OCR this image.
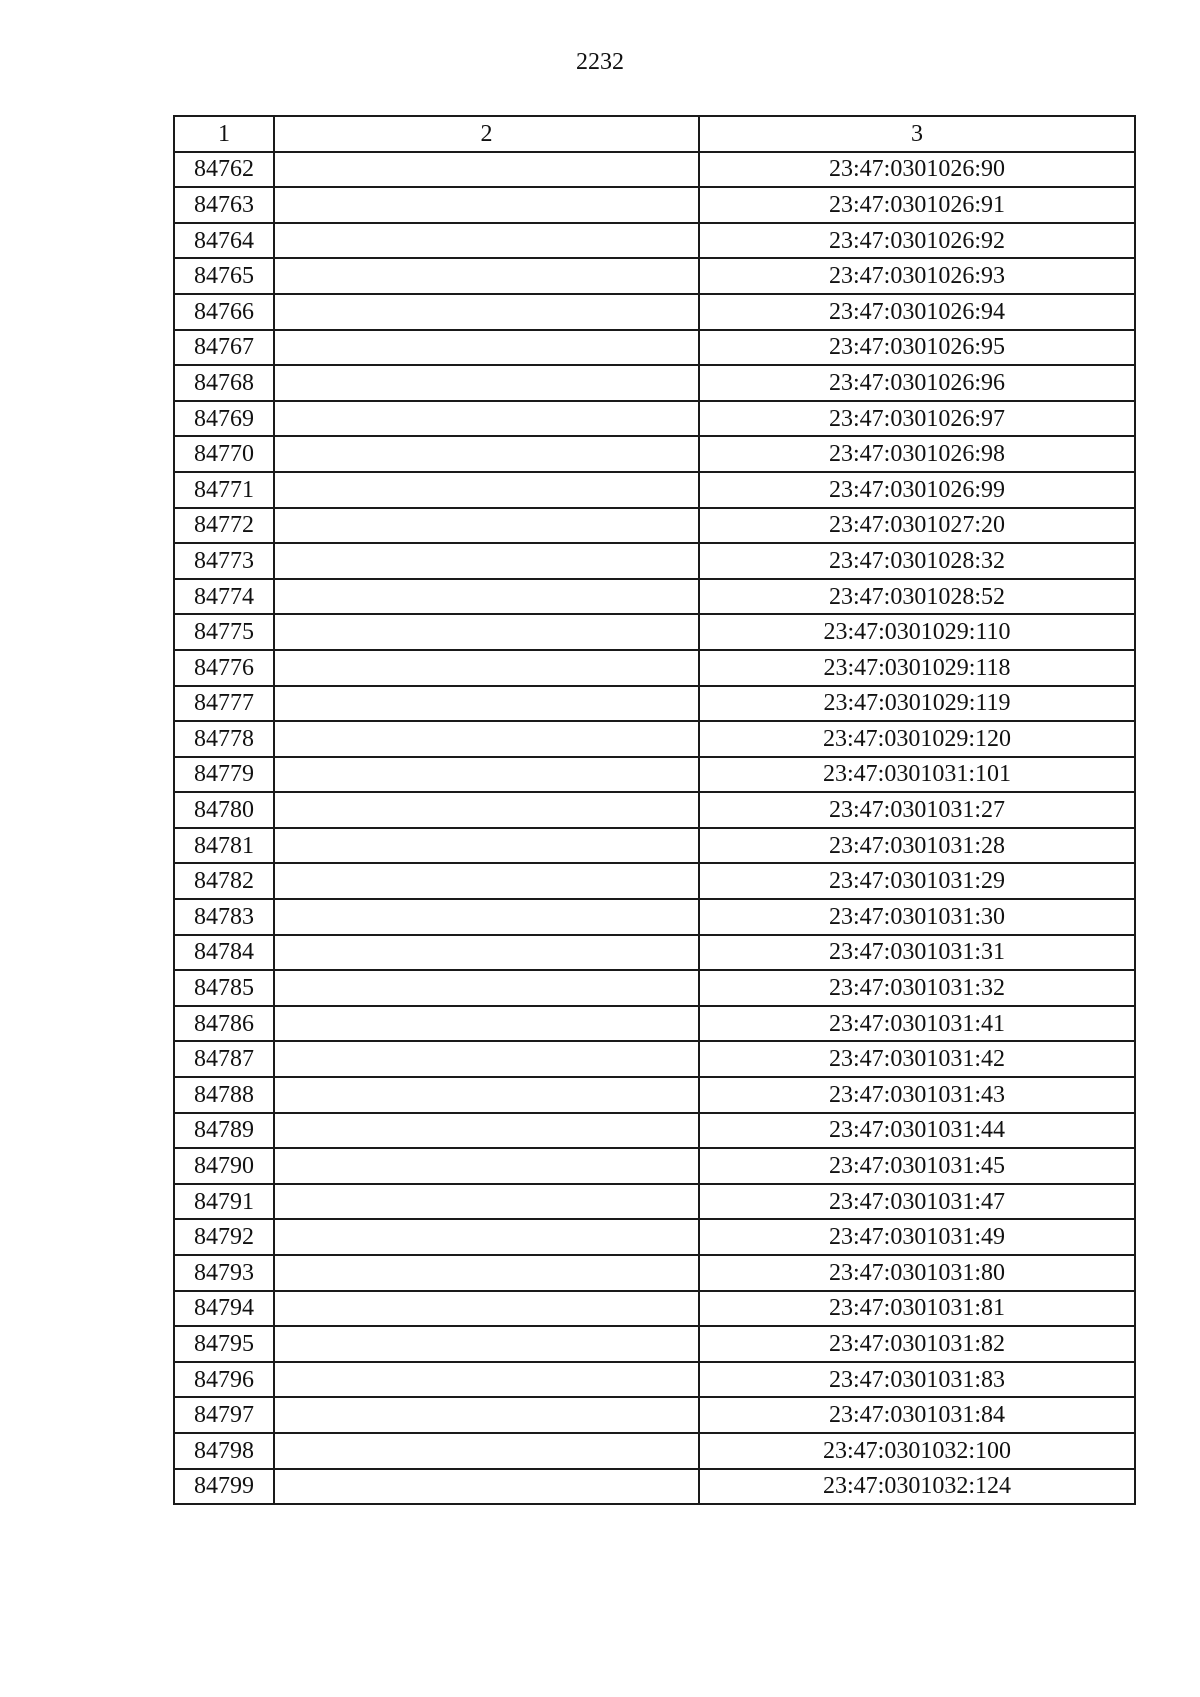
2232
1	2	3
84762		23:47:0301026:90
84763		23:47:0301026:91
84764		23:47:0301026:92
84765		23:47:0301026:93
84766		23:47:0301026:94
84767		23:47:0301026:95
84768		23:47:0301026:96
84769		23:47:0301026:97
84770		23:47:0301026:98
84771		23:47:0301026:99
84772		23:47:0301027:20
84773		23:47:0301028:32
84774		23:47:0301028:52
84775		23:47:0301029:110
84776		23:47:0301029:118
84777		23:47:0301029:119
84778		23:47:0301029:120
84779		23:47:0301031:101
84780		23:47:0301031:27
84781		23:47:0301031:28
84782		23:47:0301031:29
84783		23:47:0301031:30
84784		23:47:0301031:31
84785		23:47:0301031:32
84786		23:47:0301031:41
84787		23:47:0301031:42
84788		23:47:0301031:43
84789		23:47:0301031:44
84790		23:47:0301031:45
84791		23:47:0301031:47
84792		23:47:0301031:49
84793		23:47:0301031:80
84794		23:47:0301031:81
84795		23:47:0301031:82
84796		23:47:0301031:83
84797		23:47:0301031:84
84798		23:47:0301032:100
84799		23:47:0301032:124
